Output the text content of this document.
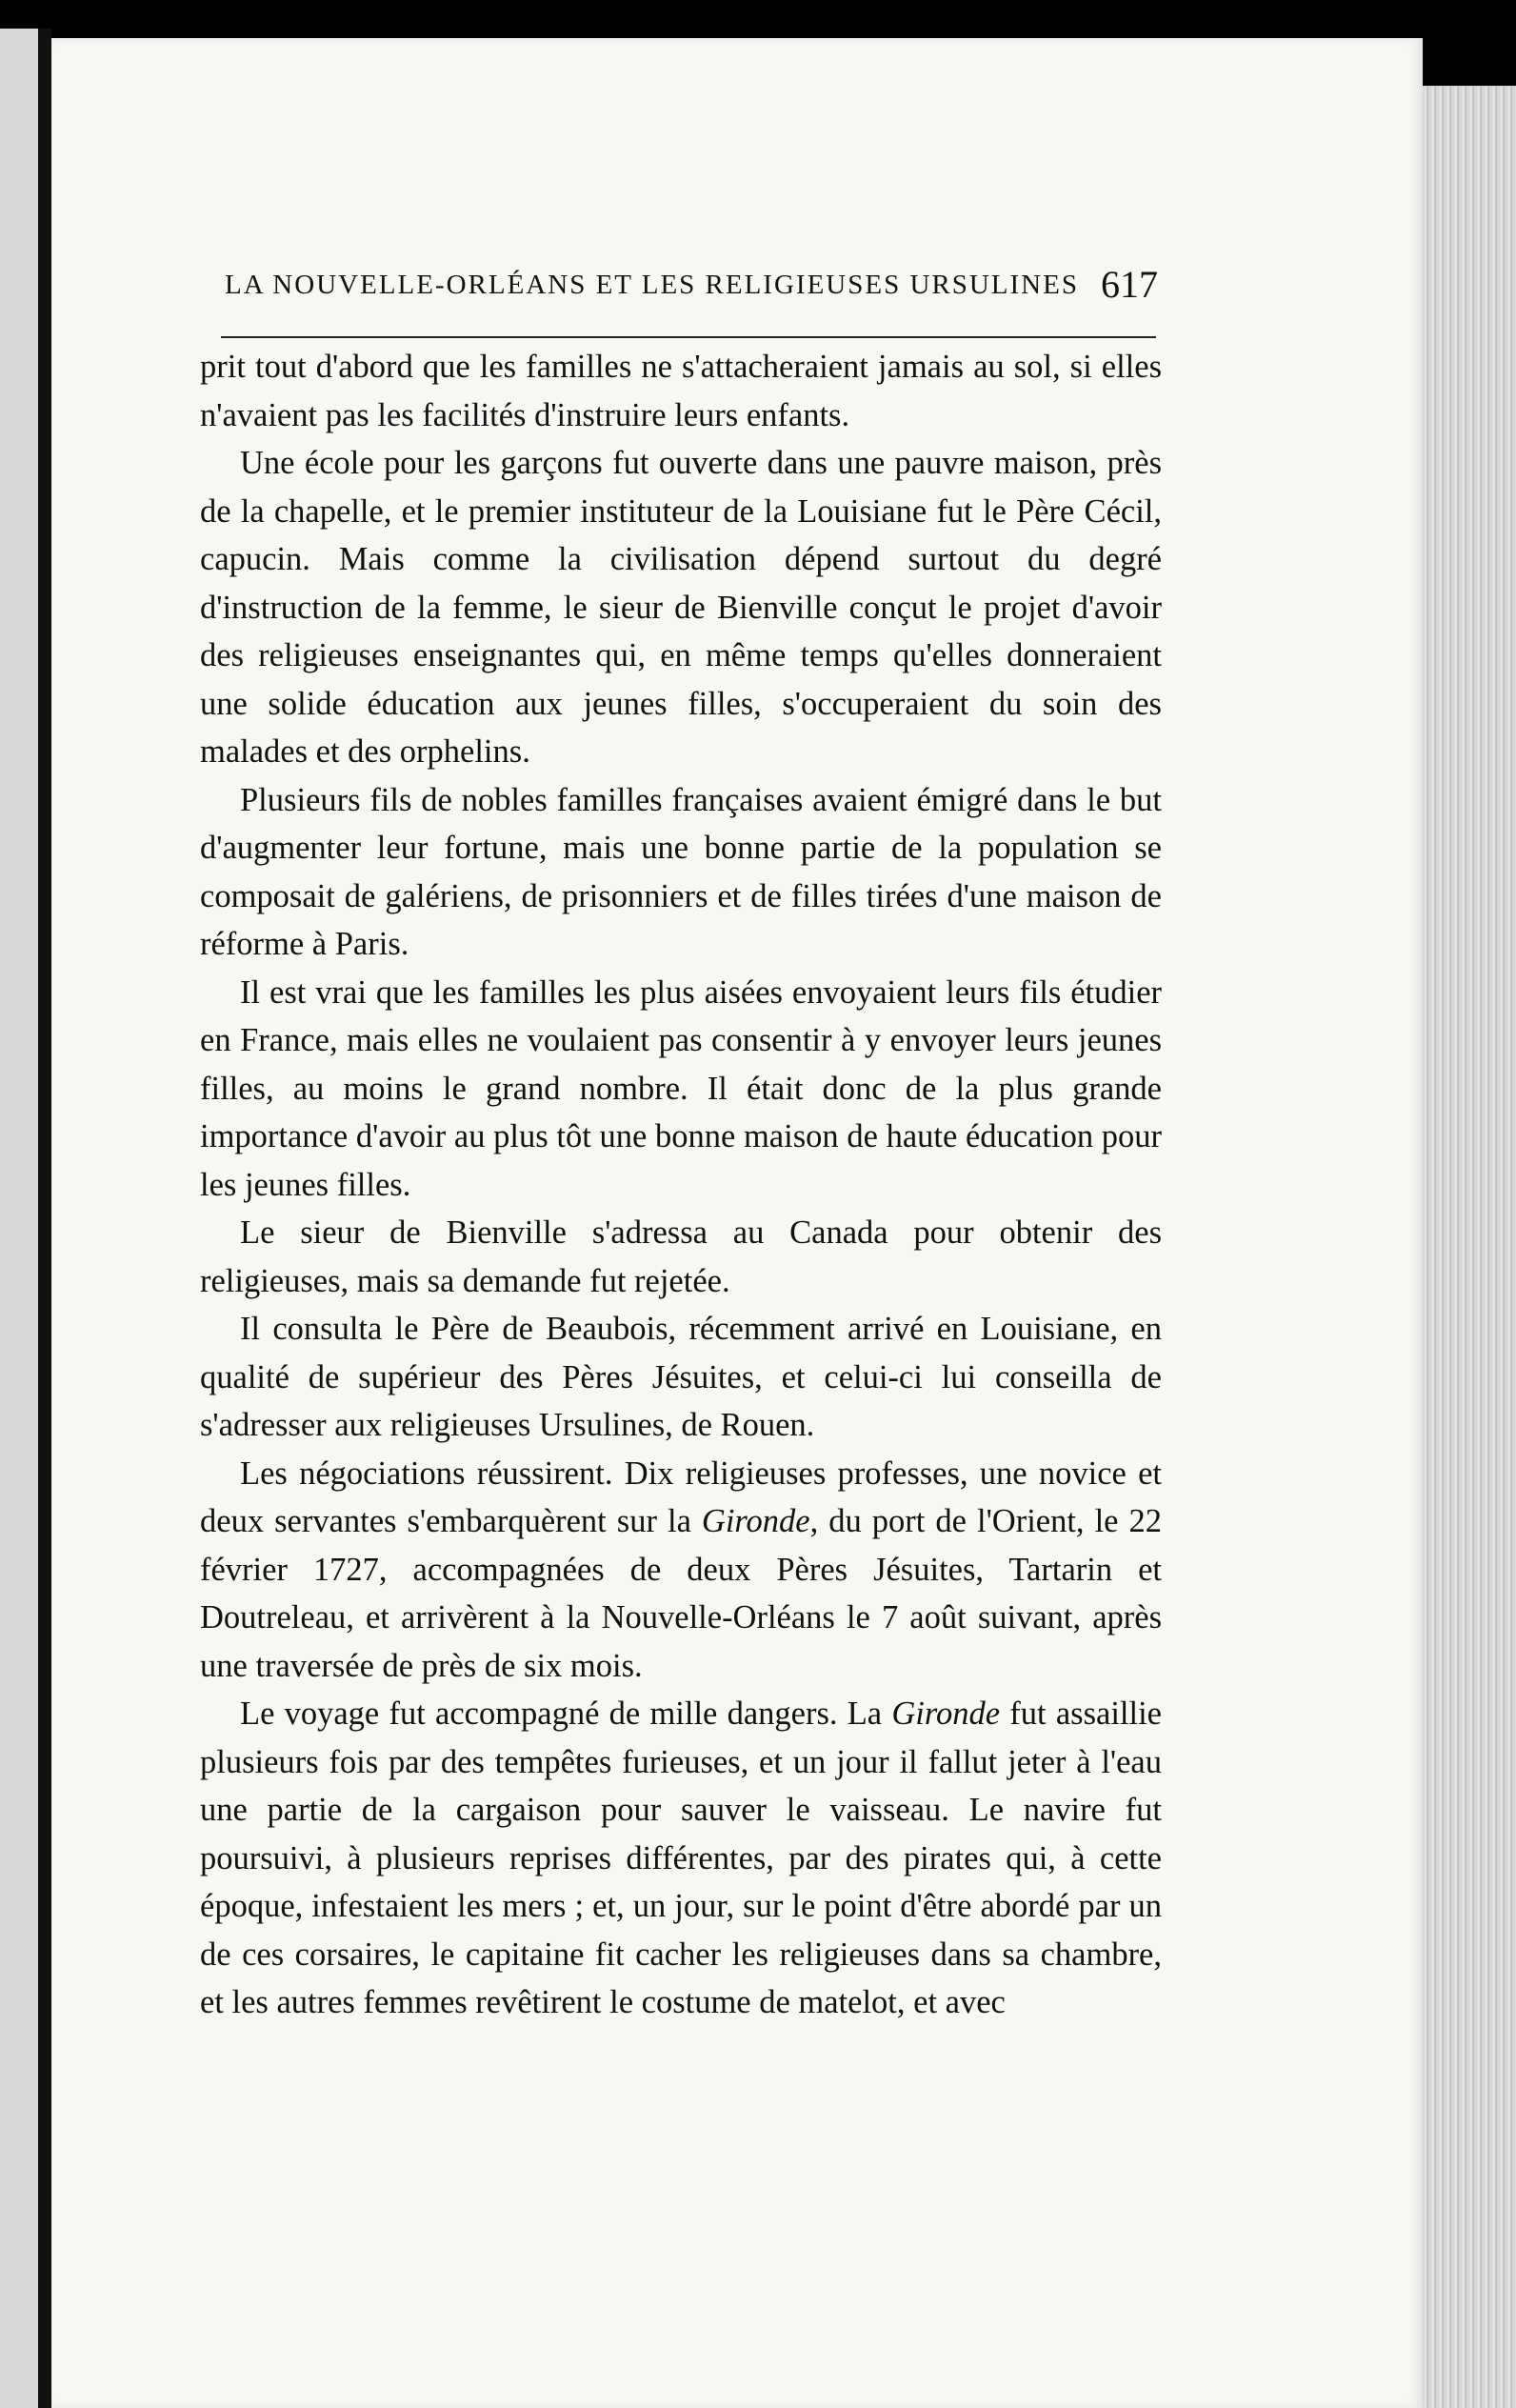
LA NOUVELLE-ORLÉANS ET LES RELIGIEUSES URSULINES 617

prit tout d'abord que les familles ne s'attacheraient jamais au sol, si elles n'avaient pas les facilités d'instruire leurs enfants.

Une école pour les garçons fut ouverte dans une pauvre maison, près de la chapelle, et le premier instituteur de la Louisiane fut le Père Cécil, capucin. Mais comme la civilisation dépend surtout du degré d'instruction de la femme, le sieur de Bienville conçut le projet d'avoir des religieuses enseignantes qui, en même temps qu'elles donneraient une solide éducation aux jeunes filles, s'occuperaient du soin des malades et des orphelins.

Plusieurs fils de nobles familles françaises avaient émigré dans le but d'augmenter leur fortune, mais une bonne partie de la population se composait de galériens, de prisonniers et de filles tirées d'une maison de réforme à Paris.

Il est vrai que les familles les plus aisées envoyaient leurs fils étudier en France, mais elles ne voulaient pas consentir à y envoyer leurs jeunes filles, au moins le grand nombre. Il était donc de la plus grande importance d'avoir au plus tôt une bonne maison de haute éducation pour les jeunes filles.

Le sieur de Bienville s'adressa au Canada pour obtenir des religieuses, mais sa demande fut rejetée.

Il consulta le Père de Beaubois, récemment arrivé en Louisiane, en qualité de supérieur des Pères Jésuites, et celui-ci lui conseilla de s'adresser aux religieuses Ursulines, de Rouen.

Les négociations réussirent. Dix religieuses professes, une novice et deux servantes s'embarquèrent sur la Gironde, du port de l'Orient, le 22 février 1727, accompagnées de deux Pères Jésuites, Tartarin et Doutreleau, et arrivèrent à la Nouvelle-Orléans le 7 août suivant, après une traversée de près de six mois.

Le voyage fut accompagné de mille dangers. La Gironde fut assaillie plusieurs fois par des tempêtes furieuses, et un jour il fallut jeter à l'eau une partie de la cargaison pour sauver le vaisseau. Le navire fut poursuivi, à plusieurs reprises différentes, par des pirates qui, à cette époque, infestaient les mers ; et, un jour, sur le point d'être abordé par un de ces corsaires, le capitaine fit cacher les religieuses dans sa chambre, et les autres femmes revêtirent le costume de matelot, et avec
